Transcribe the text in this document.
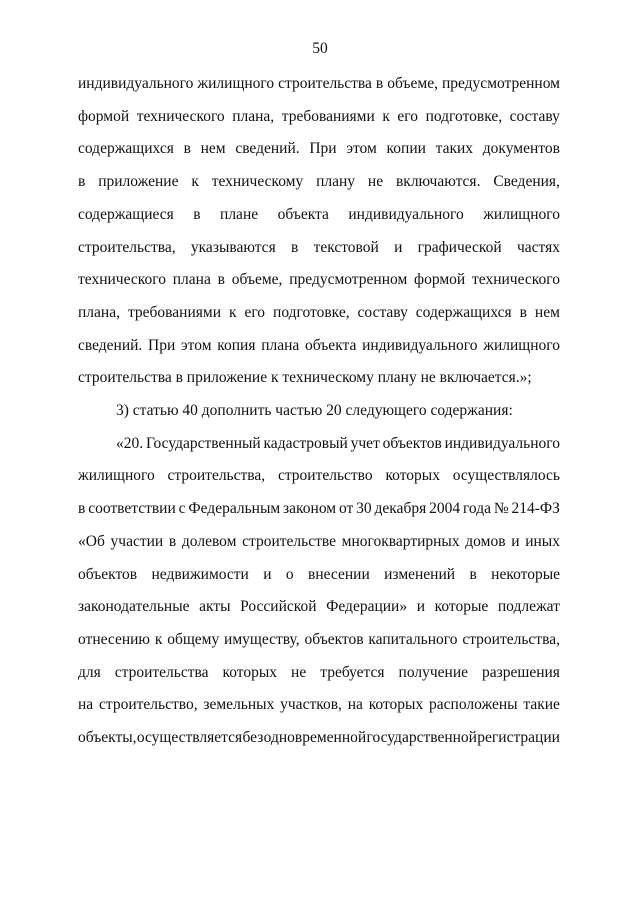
50
индивидуального жилищного строительства в объеме, предусмотренном
формой технического плана, требованиями к его подготовке, составу
содержащихся в нем сведений. При этом копии таких документов
в приложение к техническому плану не включаются. Сведения,
содержащиеся в плане объекта индивидуального жилищного
строительства, указываются в текстовой и графической частях
технического плана в объеме, предусмотренном формой технического
плана, требованиями к его подготовке, составу содержащихся в нем
сведений. При этом копия плана объекта индивидуального жилищного
строительства в приложение к техническому плану не включается.»;
3) статью 40 дополнить частью 20 следующего содержания:
«20. Государственный кадастровый учет объектов индивидуального
жилищного строительства, строительство которых осуществлялось
в соответствии с Федеральным законом от 30 декабря 2004 года № 214-ФЗ
«Об участии в долевом строительстве многоквартирных домов и иных
объектов недвижимости и о внесении изменений в некоторые
законодательные акты Российской Федерации» и которые подлежат
отнесению к общему имуществу, объектов капитального строительства,
для строительства которых не требуется получение разрешения
на строительство, земельных участков, на которых расположены такие
объекты, осуществляется без одновременной государственной регистрации
